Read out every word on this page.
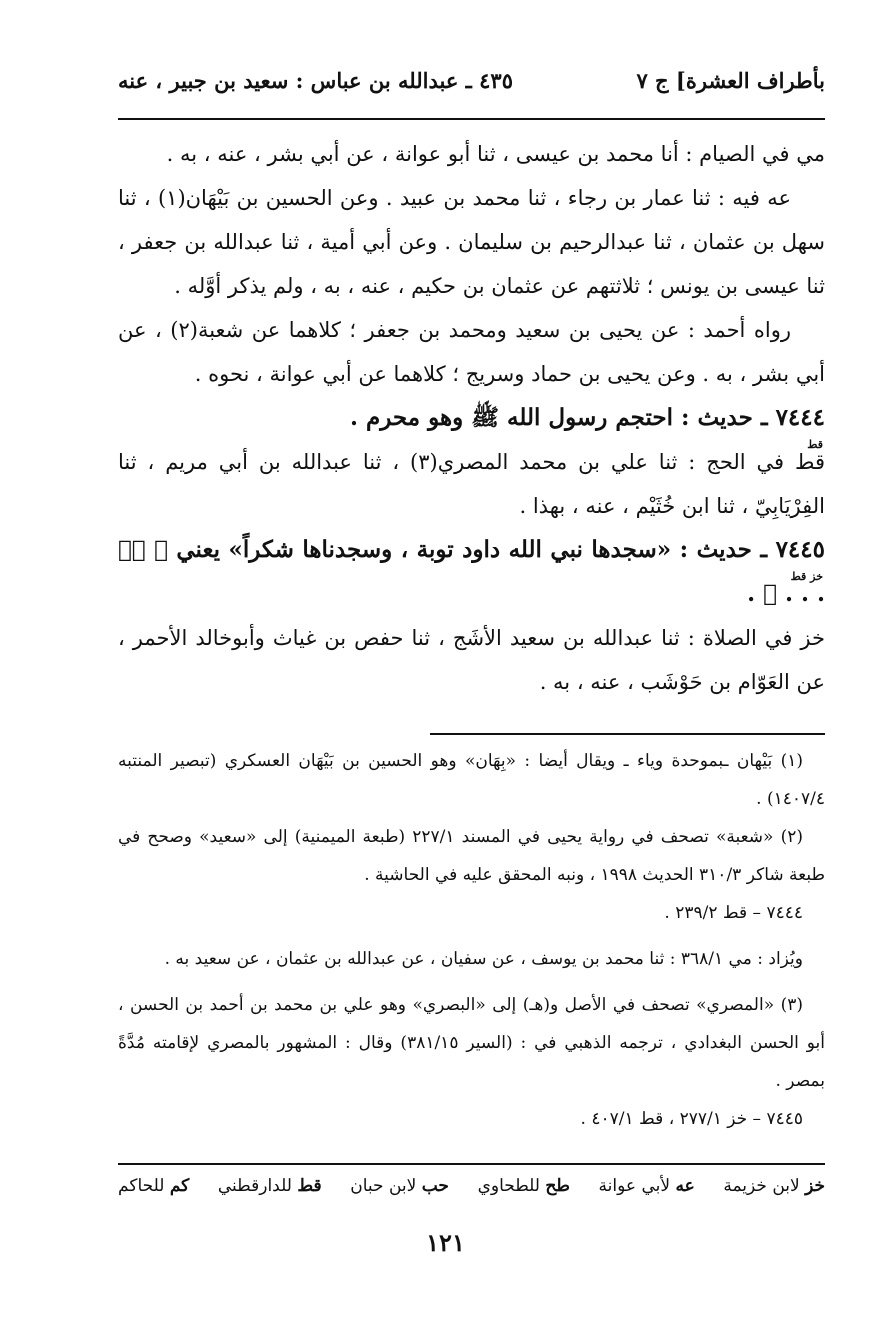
بأطراف العشرة] ج ٧
٤٣٥ ـ عبدالله بن عباس : سعيد بن جبير ، عنه

مي في الصيام : أنا محمد بن عيسى ، ثنا أبو عوانة ، عن أبي بشر ، عنه ، به .

عه فيه : ثنا عمار بن رجاء ، ثنا محمد بن عبيد . وعن الحسين بن بَيْهَان(١) ، ثنا سهل بن عثمان ، ثنا عبدالرحيم بن سليمان . وعن أبي أمية ، ثنا عبدالله بن جعفر ، ثنا عيسى بن يونس ؛ ثلاثتهم عن عثمان بن حكيم ، عنه ، به ، ولم يذكر أوَّله .

رواه أحمد : عن يحيى بن سعيد ومحمد بن جعفر ؛ كلاهما عن شعبة(٢) ، عن أبي بشر ، به . وعن يحيى بن حماد وسريج ؛ كلاهما عن أبي عوانة ، نحوه .

٧٤٤٤ ـ حديث : احتجم رسول الله ﷺ وهو محرم .

قط في الحج : ثنا علي بن محمد المصري(٣) ، ثنا عبدالله بن أبي مريم ، ثنا الفِرْيَابِيّ ، ثنا ابن خُثَيْم ، عنه ، بهذا .

٧٤٤٥ ـ حديث : «سجدها نبي الله داود توبة ، وسجدناها شكراً» يعني ﴿ صۤ . . . ﴾ .

خز في الصلاة : ثنا عبدالله بن سعيد الأشَج ، ثنا حفص بن غياث وأبوخالد الأحمر ، عن العَوّام بن حَوْشَب ، عنه ، به .

قط
خز قط

(١) بَيْهان ـبموحدة وياء ـ ويقال أيضا : «بِهَان» وهو الحسين بن بَيْهَان العسكري (تبصير المنتبه ١٤٠٧/٤) .

(٢) «شعبة» تصحف في رواية يحيى في المسند ٢٢٧/١ (طبعة الميمنية) إلى «سعيد» وصحح في طبعة شاكر ٣١٠/٣ الحديث ١٩٩٨ ، ونبه المحقق عليه في الحاشية .

٧٤٤٤ – قط ٢٣٩/٢ .

ويُزاد : مي ٣٦٨/١ : ثنا محمد بن يوسف ، عن سفيان ، عن عبدالله بن عثمان ، عن سعيد به .

(٣) «المصري» تصحف في الأصل و(هـ) إلى «البصري» وهو علي بن محمد بن أحمد بن الحسن ، أبو الحسن البغدادي ، ترجمه الذهبي في : (السير ٣٨١/١٥) وقال : المشهور بالمصري لإقامته مُدَّةً بمصر .

٧٤٤٥ – خز ٢٧٧/١ ، قط ٤٠٧/١ .

خز لابن خزيمة
عه لأبي عوانة
طح للطحاوي
حب لابن حبان
قط للدارقطني
كم للحاكم
١٢١
